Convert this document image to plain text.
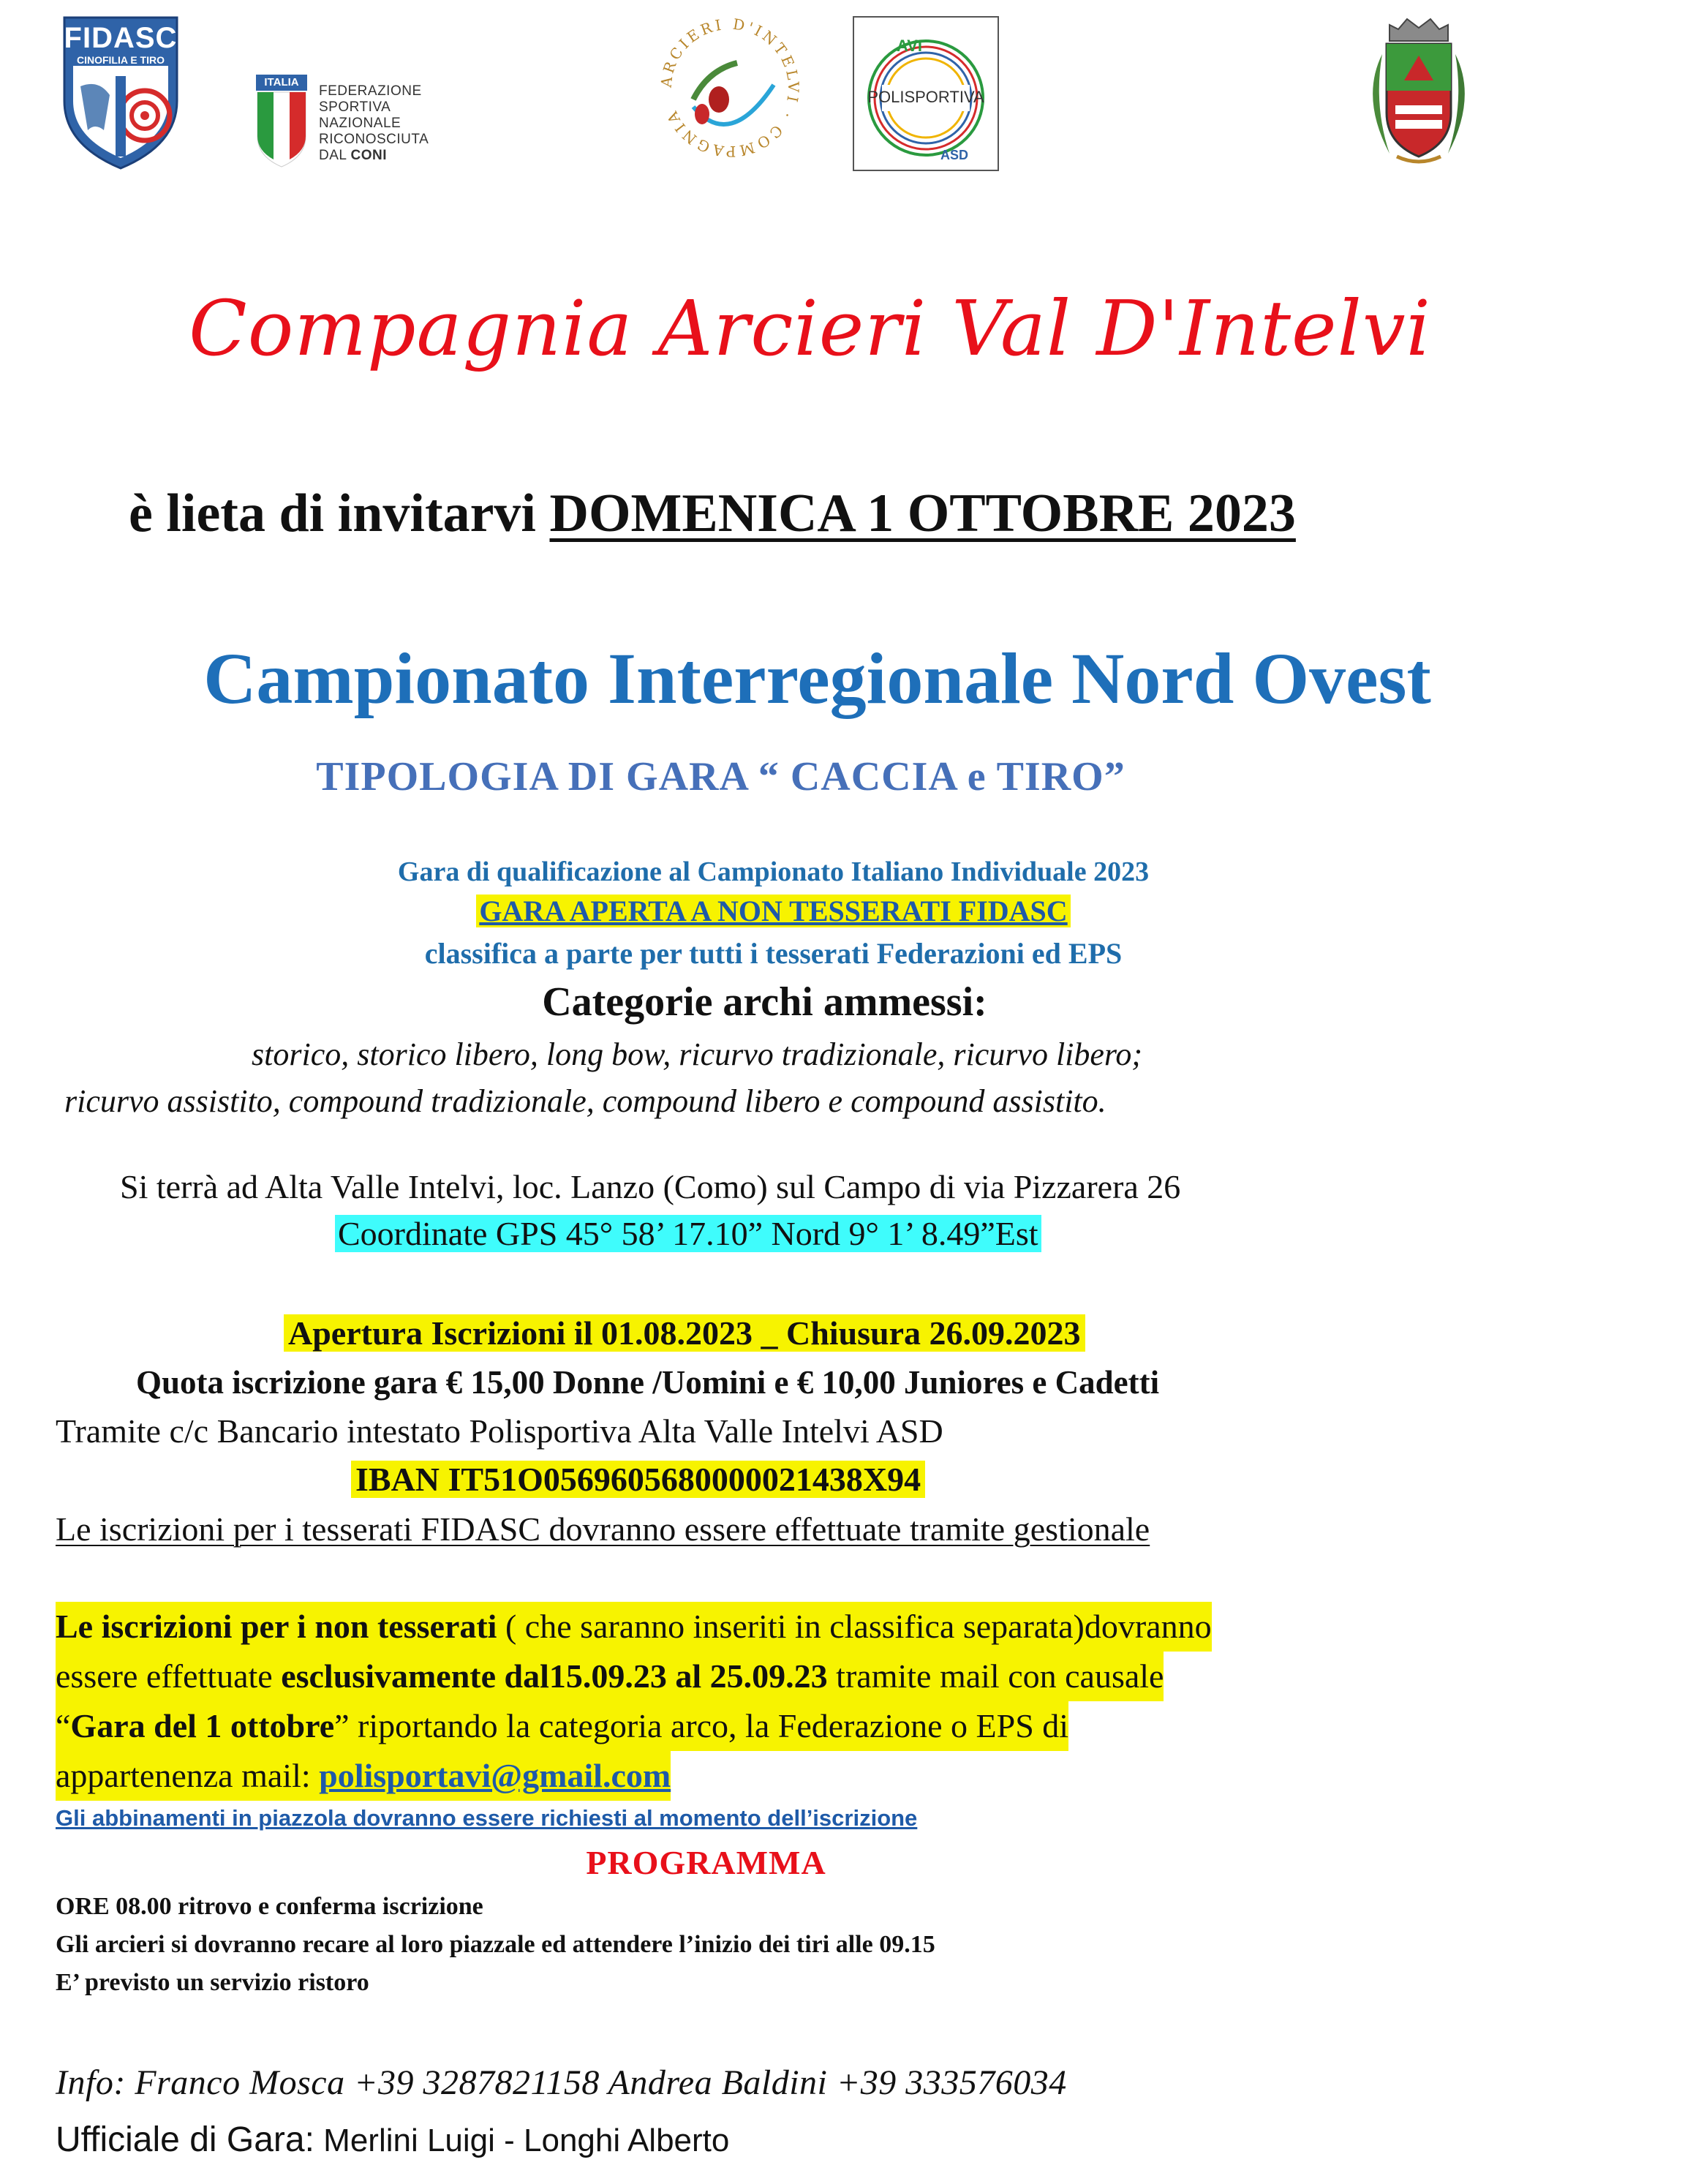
FIDASC
CINOFILIA E TIRO
ITALIA
FEDERAZIONE
SPORTIVA NAZIONALE
RICONOSCIUTA
DAL CONI
ARCIERI D'INTELVI · COMPAGNIA
AVI
POLISPORTIVA
ASD
Compagnia Arcieri Val D'Intelvi
è lieta di invitarvi DOMENICA 1 OTTOBRE 2023
Campionato Interregionale Nord Ovest
TIPOLOGIA DI GARA “ CACCIA e TIRO”
Gara di qualificazione al Campionato Italiano Individuale 2023
GARA APERTA A NON TESSERATI FIDASC
classifica a parte per tutti i tesserati Federazioni ed EPS
Categorie archi ammessi:
storico, storico libero, long bow, ricurvo tradizionale, ricurvo libero;
ricurvo assistito, compound tradizionale, compound libero e compound assistito.
Si terrà ad Alta Valle Intelvi, loc. Lanzo (Como) sul Campo di via Pizzarera 26
Coordinate GPS 45° 58’ 17.10” Nord 9° 1’ 8.49”Est
Apertura Iscrizioni il 01.08.2023 _ Chiusura 26.09.2023
Quota iscrizione gara € 15,00 Donne /Uomini e € 10,00 Juniores e Cadetti
Tramite c/c Bancario intestato Polisportiva Alta Valle Intelvi ASD
IBAN IT51O0569605680000021438X94
Le iscrizioni per i tesserati FIDASC dovranno essere effettuate tramite gestionale
Le iscrizioni per i non tesserati ( che saranno inseriti in classifica separata)dovranno
essere effettuate esclusivamente dal15.09.23 al 25.09.23 tramite mail con causale
“Gara del 1 ottobre” riportando la categoria arco, la Federazione o EPS di
appartenenza mail: polisportavi@gmail.com
Gli abbinamenti in piazzola dovranno essere richiesti al momento dell’iscrizione
PROGRAMMA
ORE 08.00 ritrovo e conferma iscrizione
Gli arcieri si dovranno recare al loro piazzale ed attendere l’inizio dei tiri alle 09.15
E’ previsto un servizio ristoro
Info: Franco Mosca +39 3287821158 Andrea Baldini +39 333576034
Ufficiale di Gara: Merlini Luigi - Longhi Alberto
